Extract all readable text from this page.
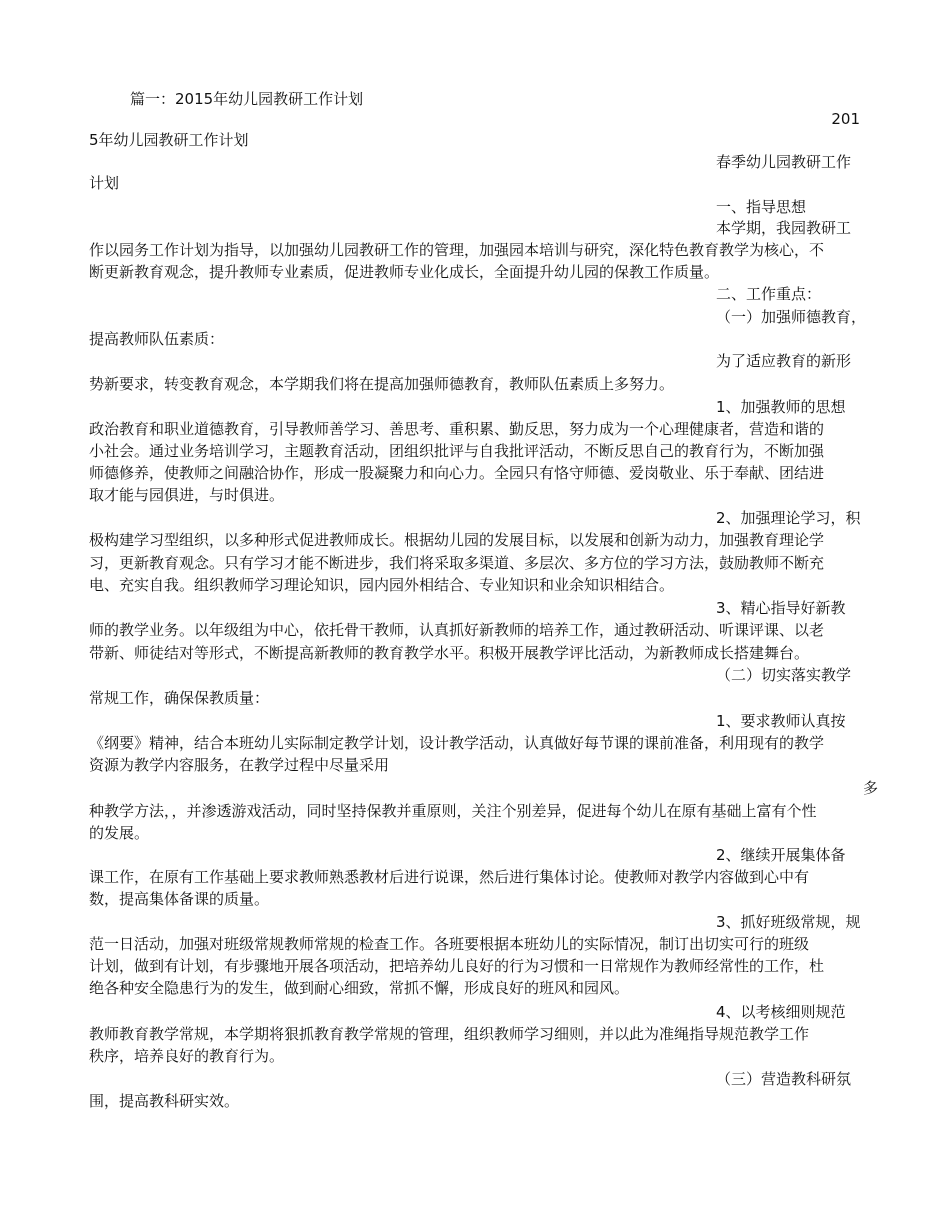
篇一：2015年幼儿园教研工作计划
201
5年幼儿园教研工作计划
春季幼儿园教研工作
计划
一、指导思想
本学期，我园教研工
作以园务工作计划为指导，以加强幼儿园教研工作的管理，加强园本培训与研究，深化特色教育教学为核心，不
断更新教育观念，提升教师专业素质，促进教师专业化成长，全面提升幼儿园的保教工作质量。
二、工作重点：
（一）加强师德教育，
提高教师队伍素质：
为了适应教育的新形
势新要求，转变教育观念，本学期我们将在提高加强师德教育，教师队伍素质上多努力。
1、加强教师的思想
政治教育和职业道德教育，引导教师善学习、善思考、重积累、勤反思，努力成为一个心理健康者，营造和谐的
小社会。通过业务培训学习，主题教育活动，团组织批评与自我批评活动，不断反思自己的教育行为，不断加强
师德修养，使教师之间融洽协作，形成一股凝聚力和向心力。全园只有恪守师德、爱岗敬业、乐于奉献、团结进
取才能与园俱进，与时俱进。
2、加强理论学习，积
极构建学习型组织，以多种形式促进教师成长。根据幼儿园的发展目标，以发展和创新为动力，加强教育理论学
习，更新教育观念。只有学习才能不断进步，我们将采取多渠道、多层次、多方位的学习方法，鼓励教师不断充
电、充实自我。组织教师学习理论知识，园内园外相结合、专业知识和业余知识相结合。
3、精心指导好新教
师的教学业务。以年级组为中心，依托骨干教师，认真抓好新教师的培养工作，通过教研活动、听课评课、以老
带新、师徒结对等形式，不断提高新教师的教育教学水平。积极开展教学评比活动，为新教师成长搭建舞台。
（二）切实落实教学
常规工作，确保保教质量：
1、要求教师认真按
《纲要》精神，结合本班幼儿实际制定教学计划，设计教学活动，认真做好每节课的课前准备，利用现有的教学
资源为教学内容服务，在教学过程中尽量采用
多
种教学方法，，并渗透游戏活动，同时坚持保教并重原则，关注个别差异，促进每个幼儿在原有基础上富有个性
的发展。
2、继续开展集体备
课工作，在原有工作基础上要求教师熟悉教材后进行说课，然后进行集体讨论。使教师对教学内容做到心中有
数，提高集体备课的质量。
3、抓好班级常规，规
范一日活动，加强对班级常规教师常规的检查工作。各班要根据本班幼儿的实际情况，制订出切实可行的班级
计划，做到有计划，有步骤地开展各项活动，把培养幼儿良好的行为习惯和一日常规作为教师经常性的工作，杜
绝各种安全隐患行为的发生，做到耐心细致，常抓不懈，形成良好的班风和园风。
4、以考核细则规范
教师教育教学常规，本学期将狠抓教育教学常规的管理，组织教师学习细则，并以此为准绳指导规范教学工作
秩序，培养良好的教育行为。
（三）营造教科研氛
围，提高教科研实效。
